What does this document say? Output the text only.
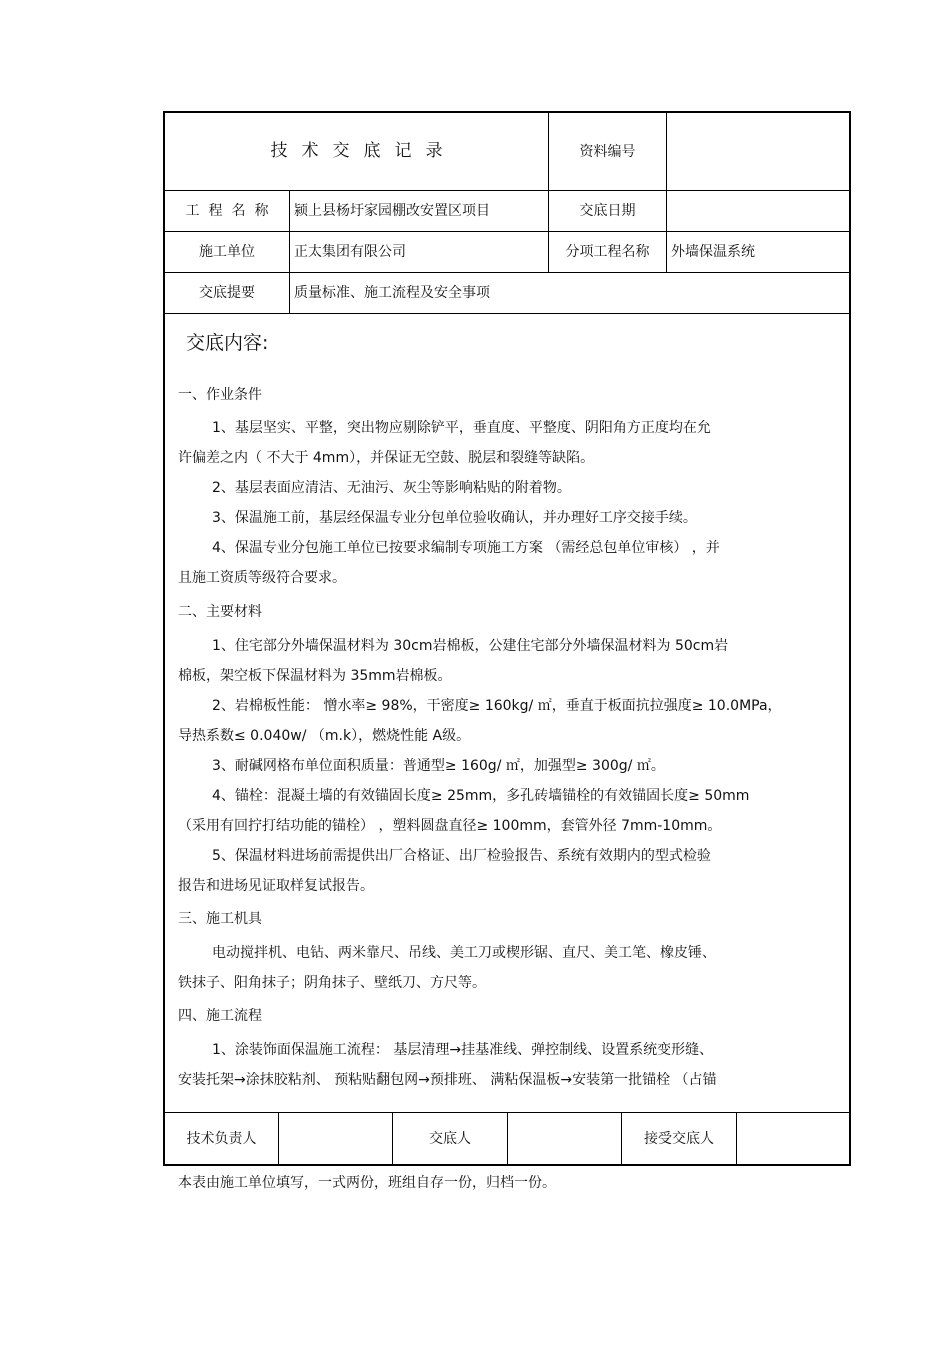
技术交底记录	资料编号
工程名称	颍上县杨圩家园棚改安置区项目	交底日期
施工单位	正太集团有限公司	分项工程名称	外墙保温系统
交底提要	质量标准、施工流程及安全事项
交底内容:
一、作业条件
1、基层坚实、平整，突出物应剔除铲平，垂直度、平整度、阴阳角方正度均在允
许偏差之内（ 不大于 4mm），并保证无空鼓、脱层和裂缝等缺陷。
2、基层表面应清洁、无油污、灰尘等影响粘贴的附着物。
3、保温施工前，基层经保温专业分包单位验收确认，并办理好工序交接手续。
4、保温专业分包施工单位已按要求编制专项施工方案 （需经总包单位审核） ，并
且施工资质等级符合要求。
二、主要材料
1、住宅部分外墙保温材料为 30cm岩棉板，公建住宅部分外墙保温材料为 50cm岩
棉板，架空板下保温材料为 35mm岩棉板。
2、岩棉板性能： 憎水率≥ 98%，干密度≥ 160kg/ ㎡，垂直于板面抗拉强度≥ 10.0MPa，
导热系数≤ 0.040w/ （m.k），燃烧性能 A级。
3、耐碱网格布单位面积质量：普通型≥ 160g/ ㎡，加强型≥ 300g/ ㎡。
4、锚栓：混凝土墙的有效锚固长度≥ 25mm，多孔砖墙锚栓的有效锚固长度≥ 50mm
（采用有回拧打结功能的锚栓） ，塑料圆盘直径≥ 100mm，套管外径 7mm-10mm。
5、保温材料进场前需提供出厂合格证、出厂检验报告、系统有效期内的型式检验
报告和进场见证取样复试报告。
三、施工机具
电动搅拌机、电钻、两米靠尺、吊线、美工刀或楔形锯、直尺、美工笔、橡皮锤、
铁抹子、阳角抹子；阴角抹子、壁纸刀、方尺等。
四、施工流程
1、涂装饰面保温施工流程： 基层清理→挂基准线、弹控制线、设置系统变形缝、
安装托架→涂抹胶粘剂、 预粘贴翻包网→预排班、 满粘保温板→安装第一批锚栓 （占锚
技术负责人	交底人	接受交底人
本表由施工单位填写，一式两份，班组自存一份，归档一份。
